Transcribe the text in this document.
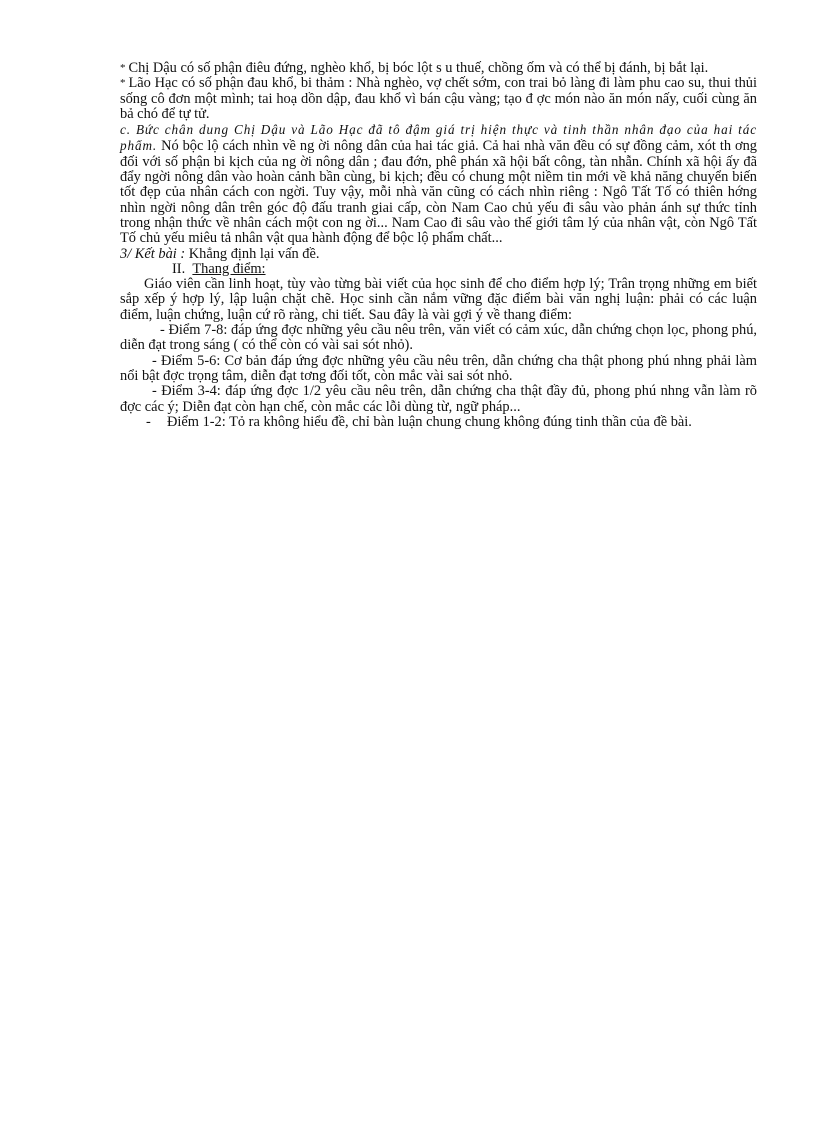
* Chị Dậu có số phận điêu đứng, nghèo khổ, bị bóc lột s u thuế, chồng ốm và có thể bị đánh, bị bắt lại.

* Lão Hạc có số phận đau khổ, bi thảm : Nhà nghèo, vợ chết sớm, con trai bỏ làng đi làm phu cao su, thui thủi sống cô đơn một mình; tai hoạ dồn dập, đau khổ vì bán cậu vàng; tạo đ ợc món nào ăn món nấy, cuối cùng ăn bả chó để tự tử.

c. Bức chân dung Chị Dậu và Lão Hạc đã tô đậm giá trị hiện thực và tinh thần nhân đạo của hai tác phẩm. Nó bộc lộ cách nhìn về ng ời nông dân của hai tác giả. Cả hai nhà văn đều có sự đồng cảm, xót th ơng đối với số phận bi kịch của ng ời nông dân ; đau đớn, phê phán xã hội bất công, tàn nhẫn. Chính xã hội ấy đã đẩy ngời nông dân vào hoàn cảnh bần cùng, bi kịch; đều có chung một niềm tin mới về khả năng chuyển biến tốt đẹp của nhân cách con ngời. Tuy vậy, mỗi nhà văn cũng có cách nhìn riêng : Ngô Tất Tố có thiên hớng nhìn ngời nông dân trên góc độ đấu tranh giai cấp, còn Nam Cao chủ yếu đi sâu vào phản ánh sự thức tỉnh trong nhận thức về nhân cách một con ng ời... Nam Cao đi sâu vào thế giới tâm lý của nhân vật, còn Ngô Tất Tố chủ yếu miêu tả nhân vật qua hành động để bộc lộ phẩm chất...

3/ Kết bài : Khẳng định lại vấn đề.

II. Thang điểm:

Giáo viên cần linh hoạt, tùy vào từng bài viết của học sinh để cho điểm hợp lý; Trân trọng những em biết sắp xếp ý hợp lý, lập luận chặt chẽ. Học sinh cần nắm vững đặc điểm bài văn nghị luận: phải có các luận điểm, luận chứng, luận cứ rõ ràng, chi tiết. Sau đây là vài gợi ý về thang điểm:

- Điểm 7-8: đáp ứng đợc những yêu cầu nêu trên, văn viết có cảm xúc, dẫn chứng chọn lọc, phong phú, diễn đạt trong sáng ( có thể còn có vài sai sót nhỏ).

- Điểm 5-6: Cơ bản đáp ứng đợc những yêu cầu nêu trên, dẫn chứng cha thật phong phú nhng phải làm nổi bật đợc trọng tâm, diễn đạt tơng đối tốt, còn mắc vài sai sót nhỏ.

- Điểm 3-4: đáp ứng đợc 1/2 yêu cầu nêu trên, dẫn chứng cha thật đầy đủ, phong phú nhng vẫn làm rõ đợc các ý; Diễn đạt còn hạn chế, còn mắc các lỗi dùng từ, ngữ pháp...

- Điểm 1-2: Tỏ ra không hiểu đề, chỉ bàn luận chung chung không đúng tinh thần của đề bài.
